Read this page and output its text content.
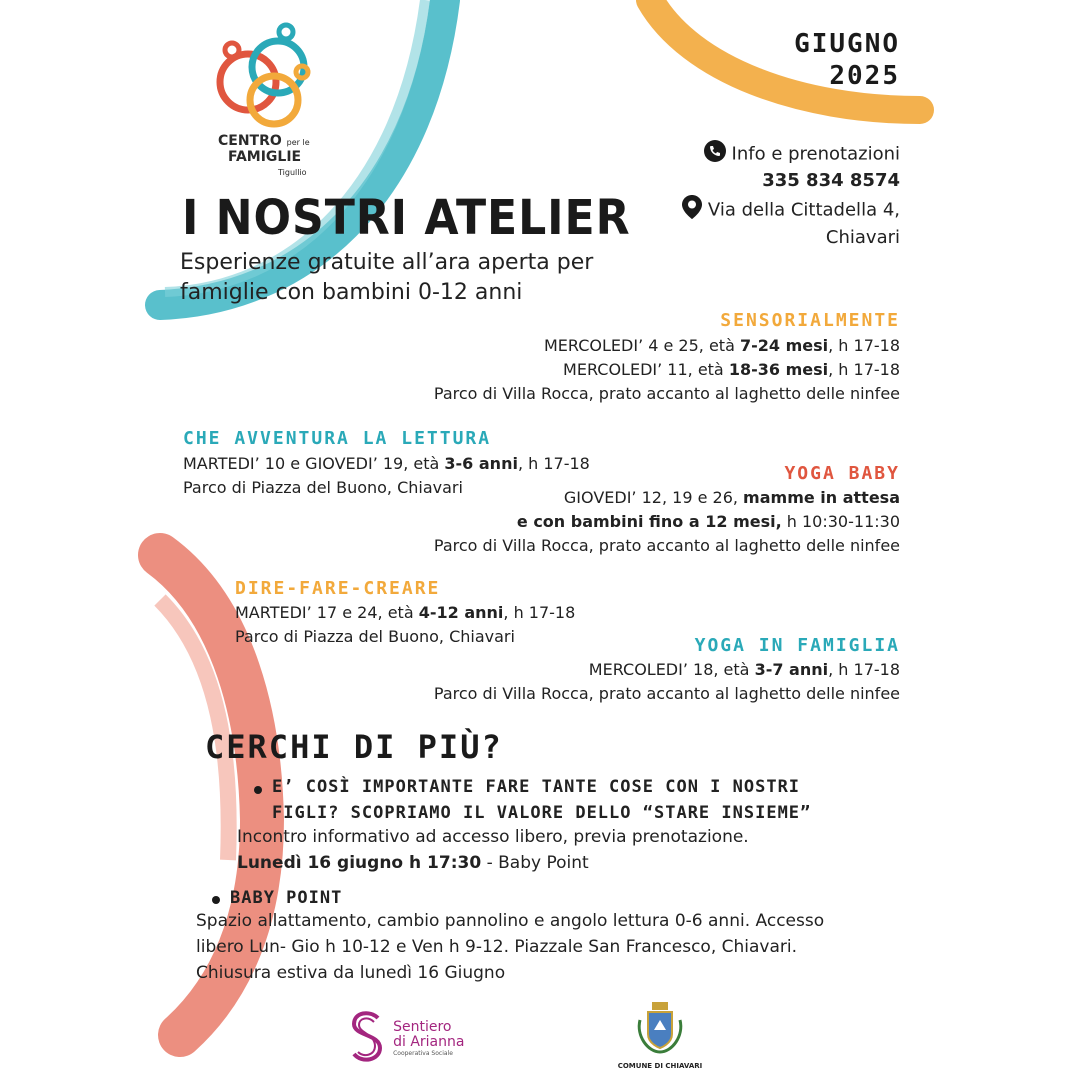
CENTRO per le
FAMIGLIE
Tigullio
GIUGNO
2025
Info e prenotazioni
335 834 8574
Via della Cittadella 4,
Chiavari
I NOSTRI ATELIER
Esperienze gratuite all’ara aperta per
famiglie con bambini 0-12 anni
SENSORIALMENTE
MERCOLEDI’ 4 e 25, età 7-24 mesi, h 17-18
MERCOLEDI’ 11, età 18-36 mesi, h 17-18
Parco di Villa Rocca, prato accanto al laghetto delle ninfee
CHE AVVENTURA LA LETTURA
MARTEDI’ 10 e GIOVEDI’ 19, età 3-6 anni, h 17-18
Parco di Piazza del Buono, Chiavari
YOGA BABY
GIOVEDI’ 12, 19 e 26, mamme in attesa
e con bambini fino a 12 mesi, h 10:30-11:30
Parco di Villa Rocca, prato accanto al laghetto delle ninfee
DIRE-FARE-CREARE
MARTEDI’ 17 e 24, età 4-12 anni, h 17-18
Parco di Piazza del Buono, Chiavari	YOGA IN FAMIGLIA
MERCOLEDI’ 18, età 3-7 anni, h 17-18
Parco di Villa Rocca, prato accanto al laghetto delle ninfee
CERCHI DI PIÙ?
E’ COSÌ IMPORTANTE FARE TANTE COSE CON I NOSTRI
FIGLI? SCOPRIAMO IL VALORE DELLO “STARE INSIEME”
Incontro informativo ad accesso libero, previa prenotazione.
Lunedì 16 giugno h 17:30 - Baby Point
BABY POINT
Spazio allattamento, cambio pannolino e angolo lettura 0-6 anni. Accesso
libero Lun- Gio h 10-12 e Ven h 9-12. Piazzale San Francesco, Chiavari.
Chiusura estiva da lunedì 16 Giugno

Sentiero
di Arianna
Cooperativa Sociale
COMUNE DI CHIAVARI
